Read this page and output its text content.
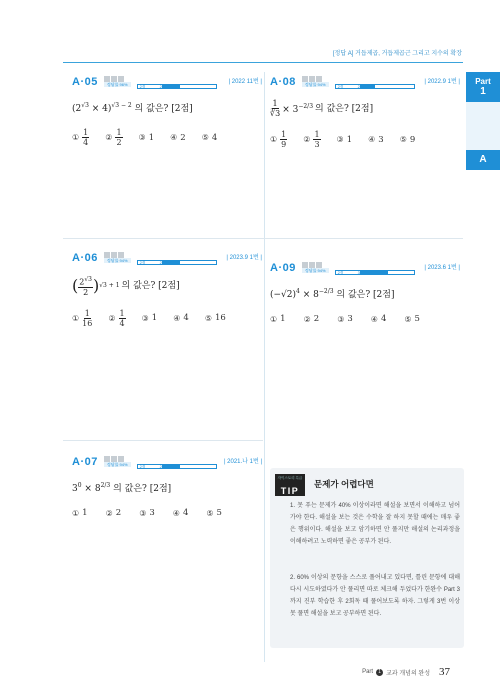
[정답 A] 거듭제곱, 거듭제곱근 그리고 지수의 확장
Part
1
A
A·05	정답률 96%	2점	2
| 2022 11번 |
$(2^{√3} \times 4)^{√3 - 2}$ 의 값은? [2점]
① $\frac{1}{4}$ ② $\frac{1}{2}$ ③ 1 ④ 2 ⑤ 4
A·08	정답률 94%	2점	2
| 2022.9 1번 |
$\frac{1}{∛3} \times 3^{-2/3}$ 의 값은? [2점]
① $\frac{1}{9}$ ② $\frac{1}{3}$ ③ 1 ④ 3 ⑤ 9
A·06	정답률 94%	2점	2
| 2023.9 1번 |
( $\frac{2^{√3}}{2}$ ) √3 + 1 의 값은? [2점]
① $\frac{1}{16}$ ② $\frac{1}{4}$ ③ 1 ④ 4 ⑤ 16
A·09	정답률 94%	2점	3
| 2023.6 1번 |
$(-√2)^4 \times 8^{-2/3}$ 의 값은? [2점]
① 1 ② 2 ③ 3 ④ 4 ⑤ 5
A·07	정답률 94%	2점	2
| 2021.나 1번 |
$3^0 \times 8^{2/3}$ 의 값은? [2점]
① 1 ② 2 ③ 3 ④ 4 ⑤ 5
자이스토리 특급
TIP
문제가 어렵다면
1. 못 푸는 문제가 40% 이상이라면 해설을 보면서 이해하고 넘어가야 한다. 해설을 보는 것은 수학을 잘 하지 못할 때에는 매우 좋은 행위이다. 해설을 보고 암기하면 안 풀지만 해설의 논리과정을 이해하려고 노력하면 좋은 공부가 된다.
2. 60% 이상의 문항을 스스로 풀어내고 있다면, 틀린 문항에 대해 다시 시도하였다가 안 풀리면 따로 체크해 두었다가 한완수 Part 3까지 진부 학습한 후 2회독 때 풀어보도록 하자. 그렇게 3번 이상 못 풀면 해설을 보고 공부하면 된다.
Part	1 교과 개념의 완성 37
